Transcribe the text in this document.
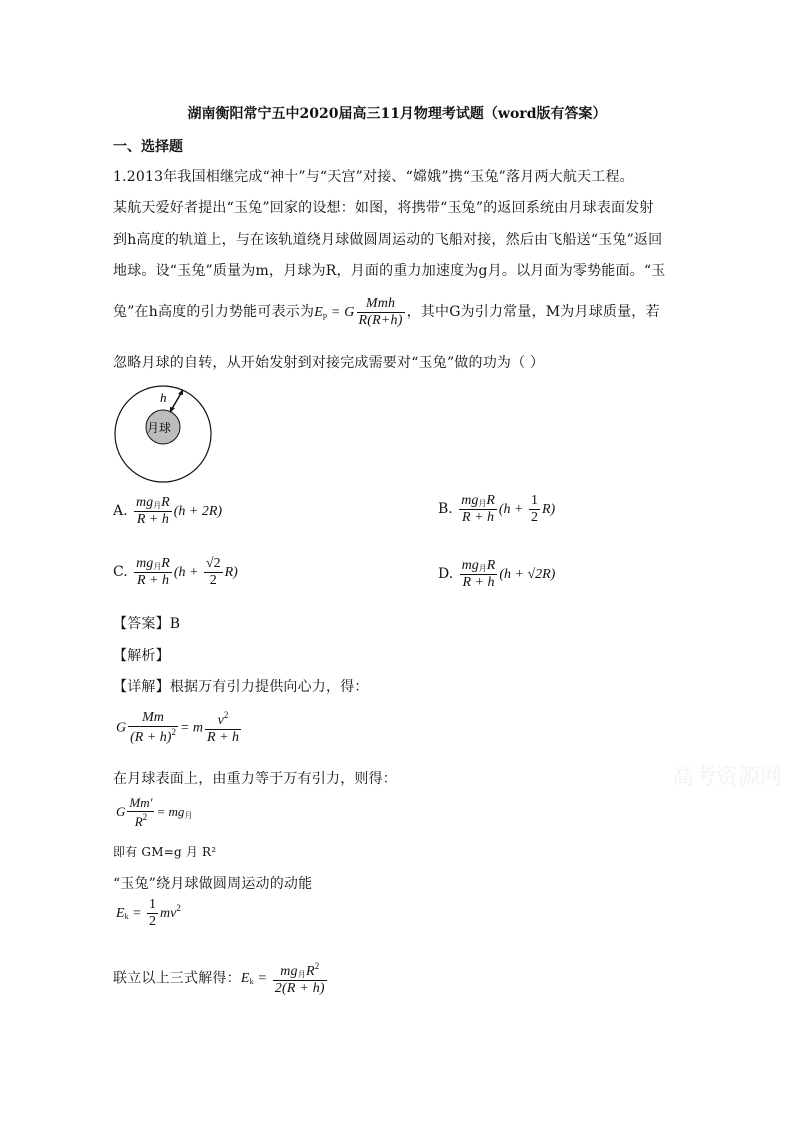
湖南衡阳常宁五中2020届高三11月物理考试题（word版有答案）
一、选择题
1.2013年我国相继完成“神十”与“天宫”对接、“嫦娥”携“玉兔”落月两大航天工程。
某航天爱好者提出“玉兔”回家的设想：如图，将携带“玉兔”的返回系统由月球表面发射
到h高度的轨道上，与在该轨道绕月球做圆周运动的飞船对接，然后由飞船送“玉兔”返回
地球。设“玉兔”质量为m，月球为R，月面的重力加速度为g月。以月面为零势能面。“玉
兔”在h高度的引力势能可表示为$E_p = G \frac{\text{Mmh}}{R(R+h)}$ ，其中G为引力常量，M为月球质量，若
忽略月球的自转，从开始发射到对接完成需要对“玉兔”做的功为（ ）
h
月球
A. $\frac{mg_月R}{R + h} (h + 2R)$	B. $\frac{mg_月R}{R + h} (h + \frac{1}{2} R)$
C. $\frac{mg_月R}{R + h} (h + \frac{√2}{2} R)$	D. $\frac{mg_月R}{R + h} (h + √2R)$
【答案】B
【解析】
【详解】根据万有引力提供向心力，得：
G $\frac{Mm}{(R + h)^2} = m \frac{v^2}{R + h}$
在月球表面上，由重力等于万有引力，则得：
G $\frac{Mm'}{R^2} = mg_月$
即有 GM=g 月 R²
“玉兔”绕月球做圆周运动的动能
$E_k = \frac{1}{2} mv^2$
联立以上三式解得：$E_k = \frac{mg_月R^2}{2(R + h)}$
高考资源网
